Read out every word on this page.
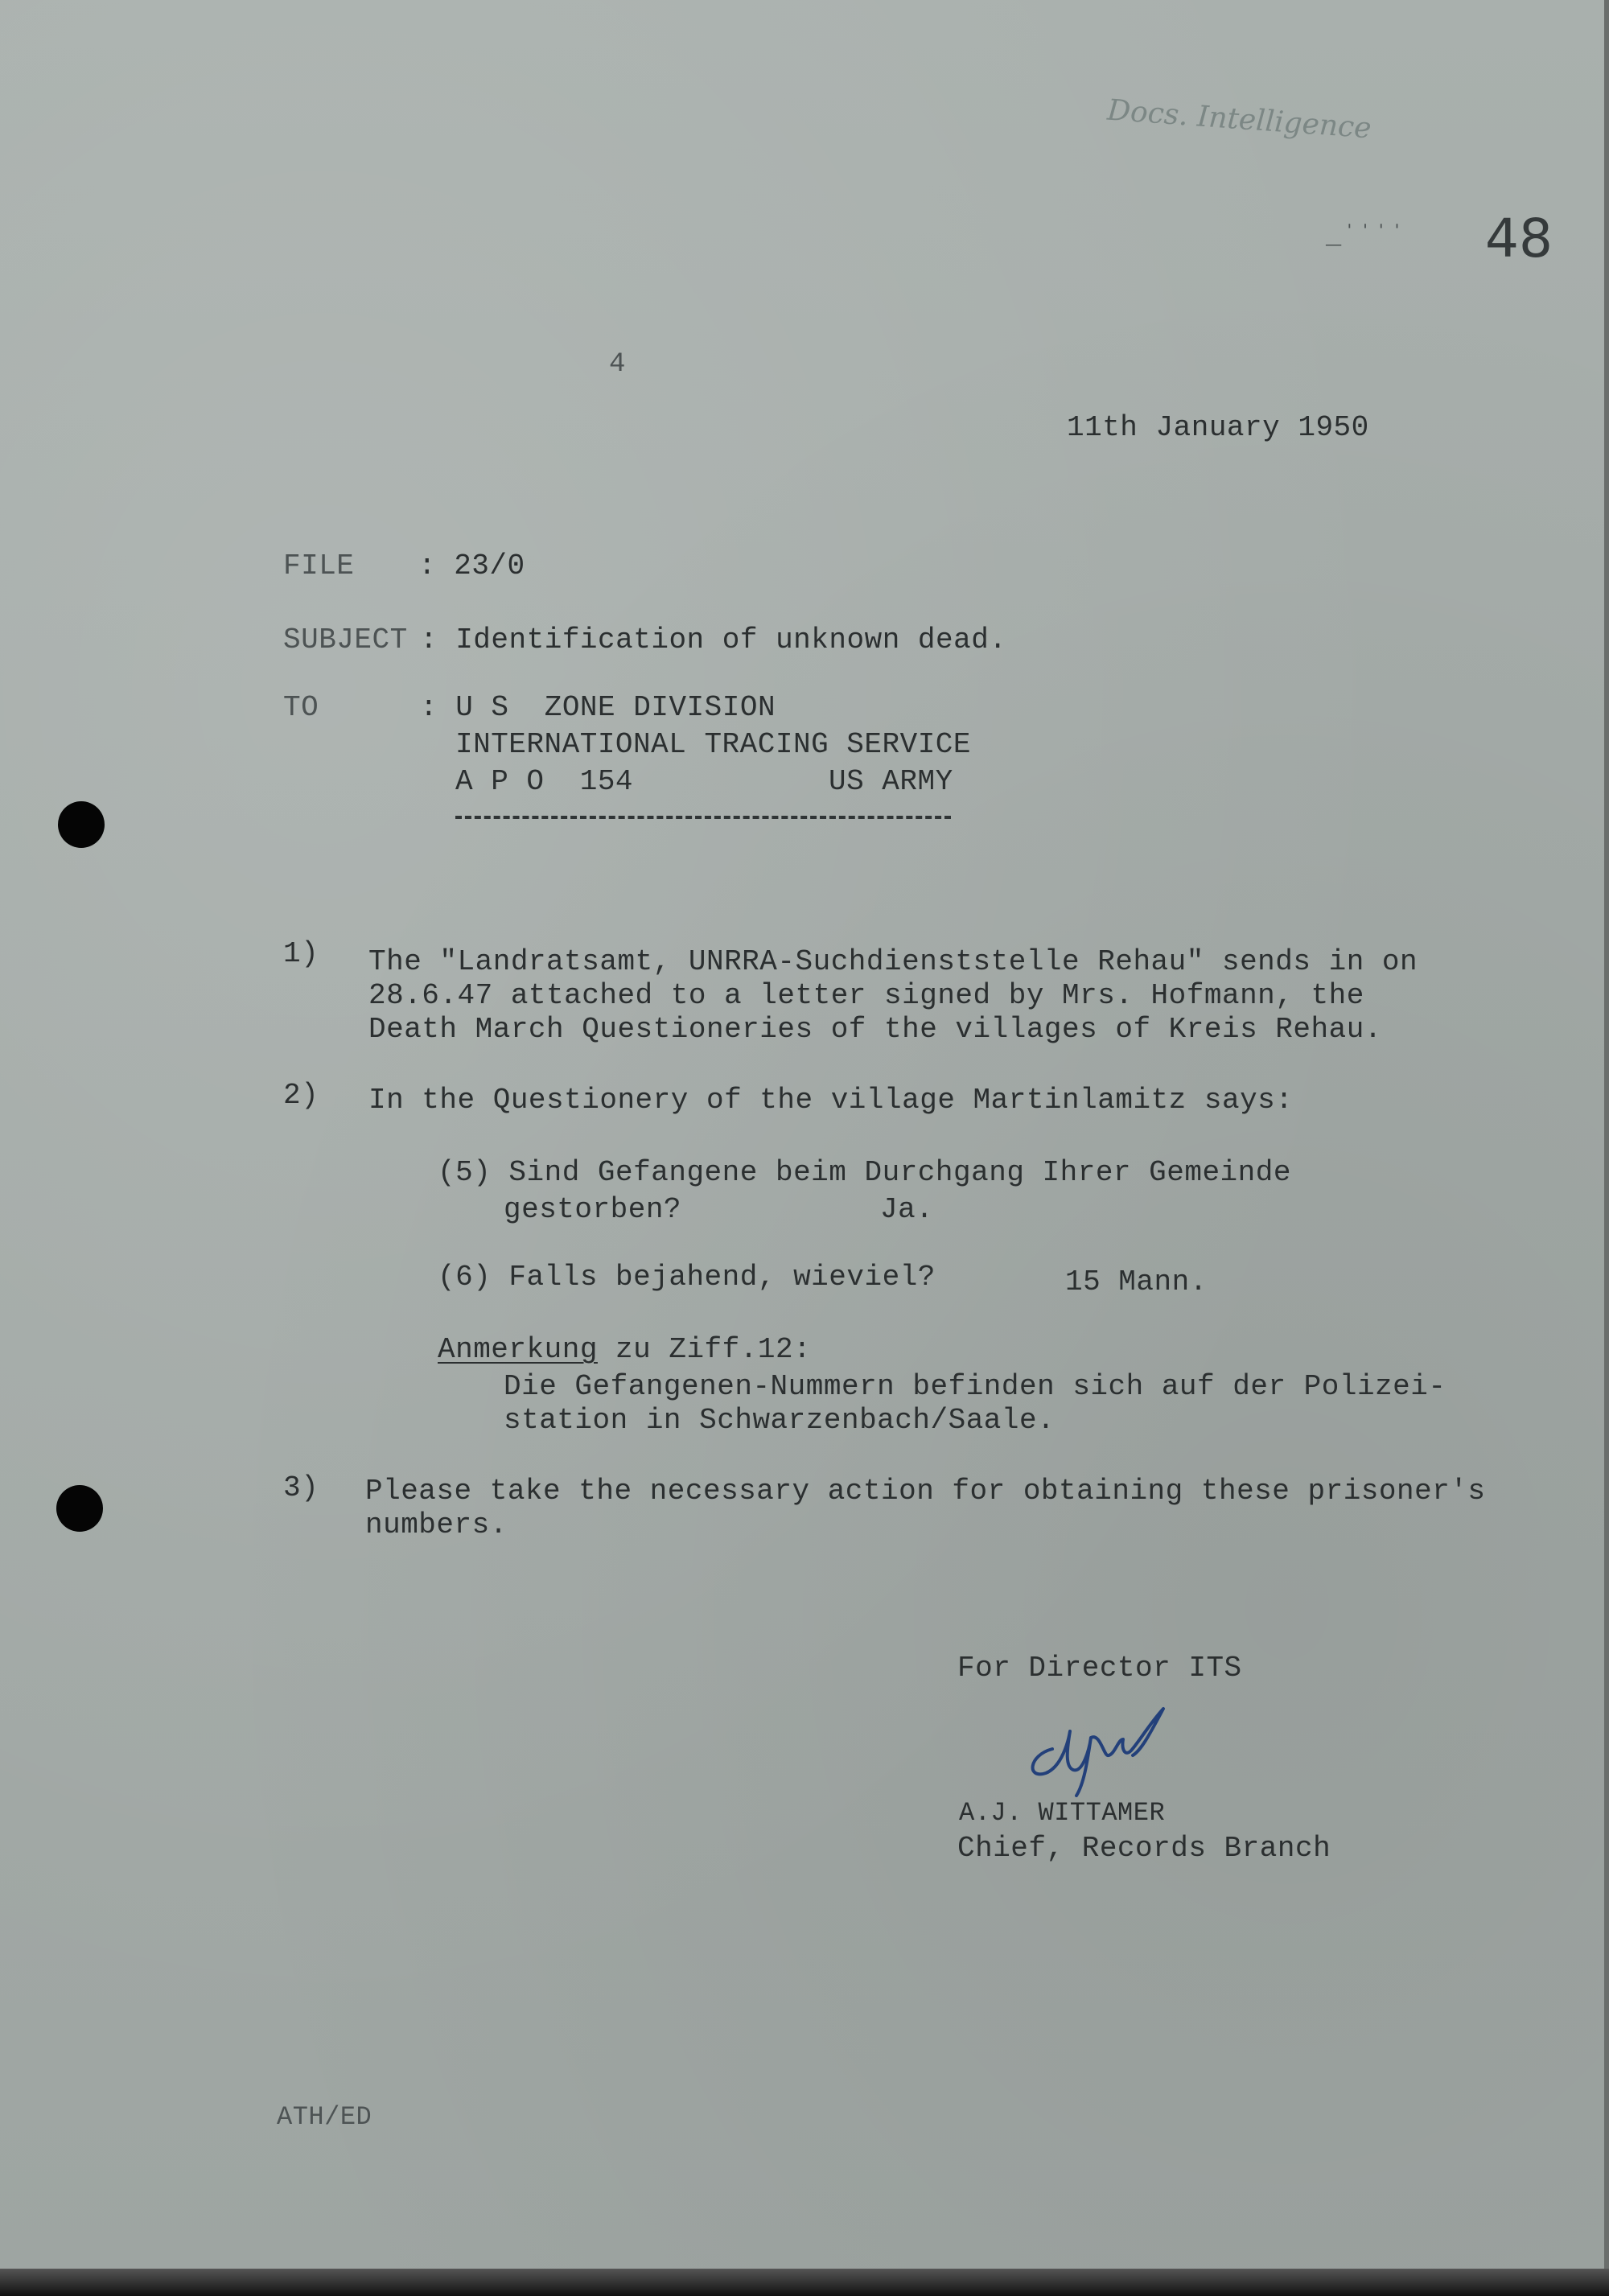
Docs. Intelligence
_ˈˈˈˈ 48
4
11th January 1950
FILE : 23/0
SUBJECT : Identification of unknown dead.
TO	: U S  ZONE DIVISION
INTERNATIONAL TRACING SERVICE
A P O  154	US ARMY
1) The "Landratsamt, UNRRA-Suchdienststelle Rehau" sends in on
28.6.47 attached to a letter signed by Mrs. Hofmann, the
Death March Questioneries of the villages of Kreis Rehau.
2) In the Questionery of the village Martinlamitz says:
(5) Sind Gefangene beim Durchgang Ihrer Gemeinde
gestorben?	Ja.
(6) Falls bejahend, wieviel?	15 Mann.
Anmerkung zu Ziff.12:
Die Gefangenen-Nummern befinden sich auf der Polizei-
station in Schwarzenbach/Saale.
3) Please take the necessary action for obtaining these prisoner's
numbers.
For Director ITS
A.J. WITTAMER
Chief, Records Branch
ATH/ED
